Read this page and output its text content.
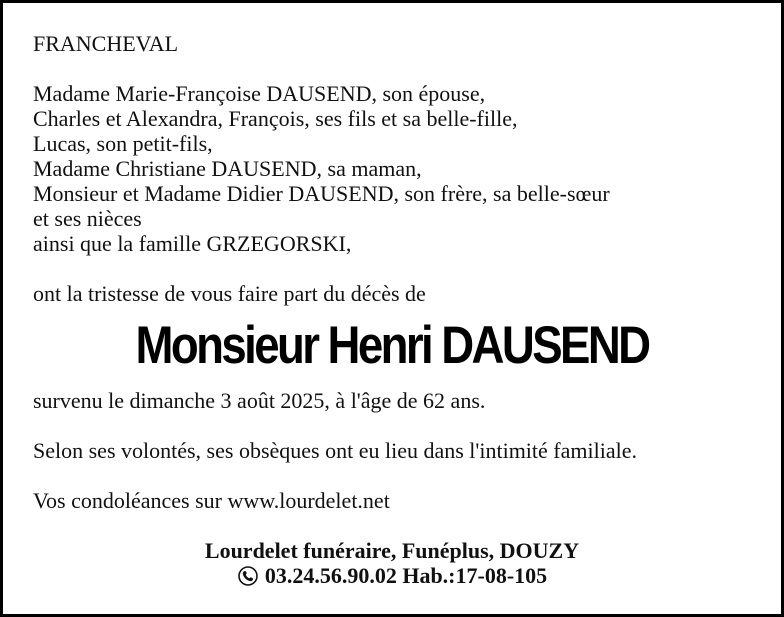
FRANCHEVAL

Madame Marie-Françoise DAUSEND, son épouse,
Charles et Alexandra, François, ses fils et sa belle-fille,
Lucas, son petit-fils,
Madame Christiane DAUSEND, sa maman,
Monsieur et Madame Didier DAUSEND, son frère, sa belle-sœur
et ses nièces
ainsi que la famille GRZEGORSKI,

ont la tristesse de vous faire part du décès de

Monsieur Henri DAUSEND

survenu le dimanche 3 août 2025, à l'âge de 62 ans.

Selon ses volontés, ses obsèques ont eu lieu dans l'intimité familiale.

Vos condoléances sur www.lourdelet.net

Lourdelet funéraire, Funéplus, DOUZY
03.24.56.90.02 Hab.:17-08-105
